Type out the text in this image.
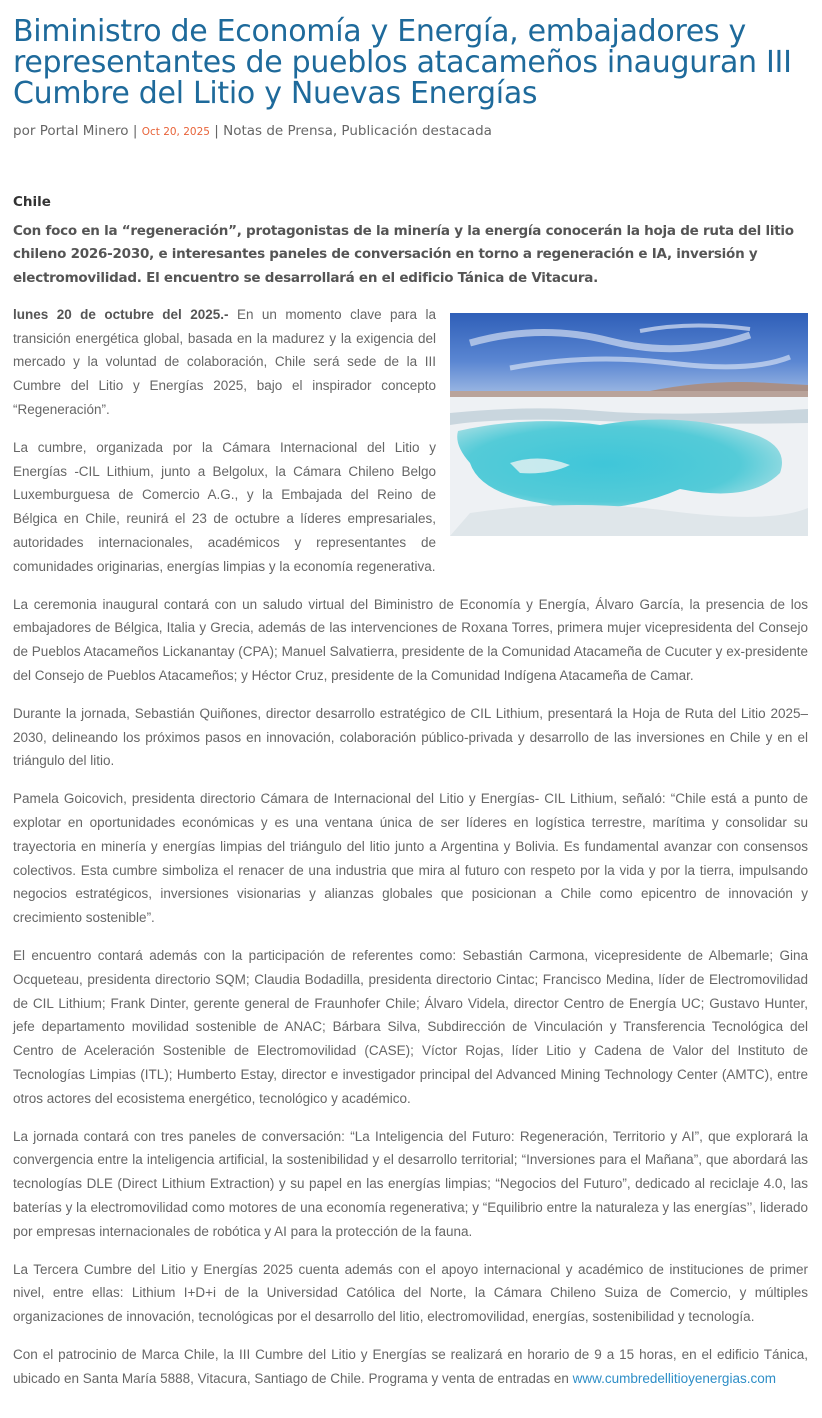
Biministro de Economía y Energía, embajadores y representantes de pueblos atacameños inauguran III Cumbre del Litio y Nuevas Energías
por Portal Minero | Oct 20, 2025 | Notas de Prensa, Publicación destacada
Chile
Con foco en la “regeneración”, protagonistas de la minería y la energía conocerán la hoja de ruta del litio chileno 2026-2030, e interesantes paneles de conversación en torno a regeneración e IA, inversión y electromovilidad. El encuentro se desarrollará en el edificio Tánica de Vitacura.

lunes 20 de octubre del 2025.- En un momento clave para la transición energética global, basada en la madurez y la exigencia del mercado y la voluntad de colaboración, Chile será sede de la III Cumbre del Litio y Energías 2025, bajo el inspirador concepto “Regeneración”.

La cumbre, organizada por la Cámara Internacional del Litio y Energías -CIL Lithium, junto a Belgolux, la Cámara Chileno Belgo Luxemburguesa de Comercio A.G., y la Embajada del Reino de Bélgica en Chile, reunirá el 23 de octubre a líderes empresariales, autoridades internacionales, académicos y representantes de comunidades originarias, energías limpias y la economía regenerativa.

La ceremonia inaugural contará con un saludo virtual del Biministro de Economía y Energía, Álvaro García, la presencia de los embajadores de Bélgica, Italia y Grecia, además de las intervenciones de Roxana Torres, primera mujer vicepresidenta del Consejo de Pueblos Atacameños Lickanantay (CPA); Manuel Salvatierra, presidente de la Comunidad Atacameña de Cucuter y ex-presidente del Consejo de Pueblos Atacameños; y Héctor Cruz, presidente de la Comunidad Indígena Atacameña de Camar.

Durante la jornada, Sebastián Quiñones, director desarrollo estratégico de CIL Lithium, presentará la Hoja de Ruta del Litio 2025–2030, delineando los próximos pasos en innovación, colaboración público-privada y desarrollo de las inversiones en Chile y en el triángulo del litio.

Pamela Goicovich, presidenta directorio Cámara de Internacional del Litio y Energías- CIL Lithium, señaló: “Chile está a punto de explotar en oportunidades económicas y es una ventana única de ser líderes en logística terrestre, marítima y consolidar su trayectoria en minería y energías limpias del triángulo del litio junto a Argentina y Bolivia. Es fundamental avanzar con consensos colectivos. Esta cumbre simboliza el renacer de una industria que mira al futuro con respeto por la vida y por la tierra, impulsando negocios estratégicos, inversiones visionarias y alianzas globales que posicionan a Chile como epicentro de innovación y crecimiento sostenible”.

El encuentro contará además con la participación de referentes como: Sebastián Carmona, vicepresidente de Albemarle; Gina Ocqueteau, presidenta directorio SQM; Claudia Bodadilla, presidenta directorio Cintac; Francisco Medina, líder de Electromovilidad de CIL Lithium; Frank Dinter, gerente general de Fraunhofer Chile; Álvaro Videla, director Centro de Energía UC; Gustavo Hunter, jefe departamento movilidad sostenible de ANAC; Bárbara Silva, Subdirección de Vinculación y Transferencia Tecnológica del Centro de Aceleración Sostenible de Electromovilidad (CASE); Víctor Rojas, líder Litio y Cadena de Valor del Instituto de Tecnologías Limpias (ITL); Humberto Estay, director e investigador principal del Advanced Mining Technology Center (AMTC), entre otros actores del ecosistema energético, tecnológico y académico.

La jornada contará con tres paneles de conversación: “La Inteligencia del Futuro: Regeneración, Territorio y AI”, que explorará la convergencia entre la inteligencia artificial, la sostenibilidad y el desarrollo territorial; “Inversiones para el Mañana”, que abordará las tecnologías DLE (Direct Lithium Extraction) y su papel en las energías limpias; “Negocios del Futuro”, dedicado al reciclaje 4.0, las baterías y la electromovilidad como motores de una economía regenerativa; y “Equilibrio entre la naturaleza y las energías’’, liderado por empresas internacionales de robótica y AI para la protección de la fauna.

La Tercera Cumbre del Litio y Energías 2025 cuenta además con el apoyo internacional y académico de instituciones de primer nivel, entre ellas: Lithium I+D+i de la Universidad Católica del Norte, la Cámara Chileno Suiza de Comercio, y múltiples organizaciones de innovación, tecnológicas por el desarrollo del litio, electromovilidad, energías, sostenibilidad y tecnología.

Con el patrocinio de Marca Chile, la III Cumbre del Litio y Energías se realizará en horario de 9 a 15 horas, en el edificio Tánica, ubicado en Santa María 5888, Vitacura, Santiago de Chile. Programa y venta de entradas en www.cumbredellitioyenergias.com
